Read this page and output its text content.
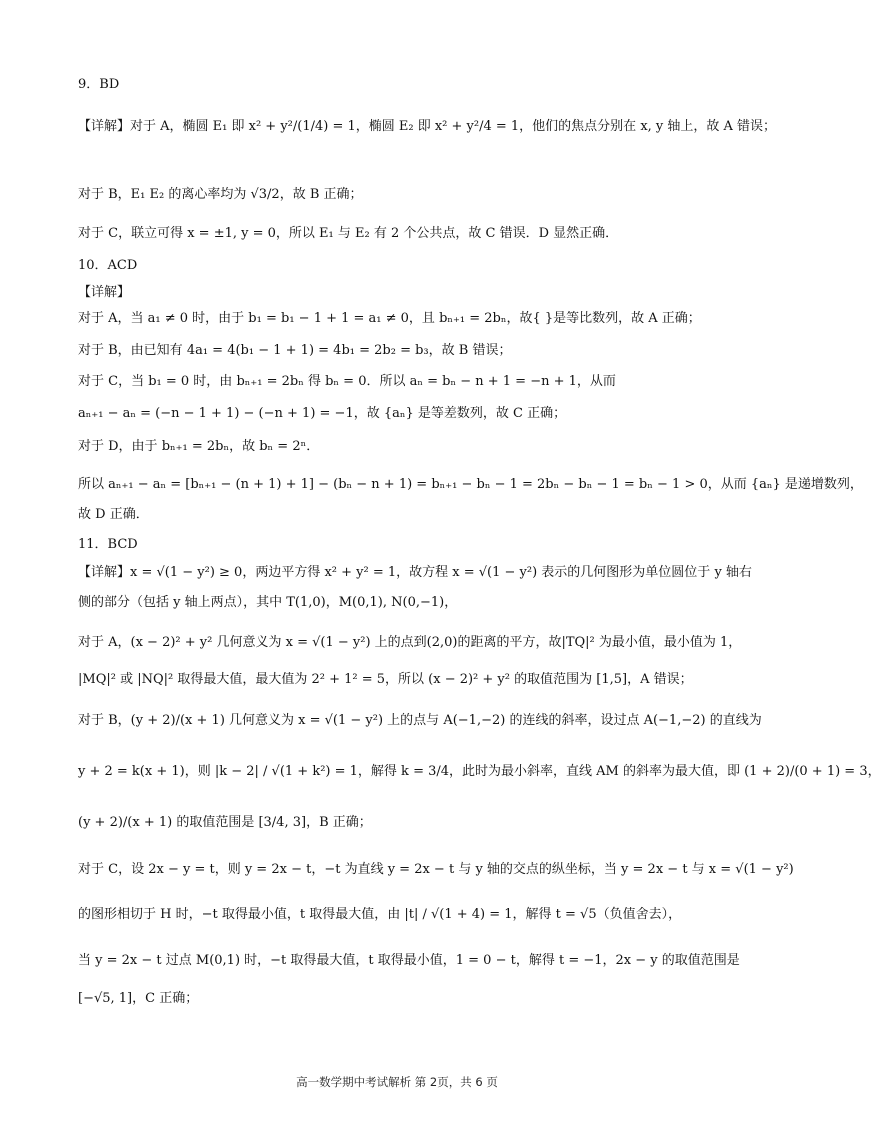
9．BD
【详解】对于 A，椭圆 E₁ 即 x² + y²/(1/4) = 1，椭圆 E₂ 即 x² + y²/4 = 1，他们的焦点分别在 x, y 轴上，故 A 错误；
对于 B，E₁ E₂ 的离心率均为 √3/2，故 B 正确；
对于 C，联立可得 x = ±1, y = 0，所以 E₁ 与 E₂ 有 2 个公共点，故 C 错误．D 显然正确．
10．ACD
【详解】
对于 A，当 a₁ ≠ 0 时，由于 b₁ = b₁ − 1 + 1 = a₁ ≠ 0，且 bₙ₊₁ = 2bₙ，故{ }是等比数列，故 A 正确；
对于 B，由已知有 4a₁ = 4(b₁ − 1 + 1) = 4b₁ = 2b₂ = b₃，故 B 错误；
对于 C，当 b₁ = 0 时，由 bₙ₊₁ = 2bₙ 得 bₙ = 0．所以 aₙ = bₙ − n + 1 = −n + 1，从而
aₙ₊₁ − aₙ = (−n − 1 + 1) − (−n + 1) = −1，故 {aₙ} 是等差数列，故 C 正确；
对于 D，由于 bₙ₊₁ = 2bₙ，故 bₙ = 2ⁿ．
所以 aₙ₊₁ − aₙ = [bₙ₊₁ − (n + 1) + 1] − (bₙ − n + 1) = bₙ₊₁ − bₙ − 1 = 2bₙ − bₙ − 1 = bₙ − 1 > 0，从而 {aₙ} 是递增数列，
故 D 正确．
11．BCD
【详解】x = √(1 − y²) ≥ 0，两边平方得 x² + y² = 1，故方程 x = √(1 − y²) 表示的几何图形为单位圆位于 y 轴右
侧的部分（包括 y 轴上两点），其中 T(1,0)，M(0,1), N(0,−1)，
对于 A，(x − 2)² + y² 几何意义为 x = √(1 − y²) 上的点到(2,0)的距离的平方，故|TQ|² 为最小值，最小值为 1，
|MQ|² 或 |NQ|² 取得最大值，最大值为 2² + 1² = 5，所以 (x − 2)² + y² 的取值范围为 [1,5]，A 错误；
对于 B，(y + 2)/(x + 1) 几何意义为 x = √(1 − y²) 上的点与 A(−1,−2) 的连线的斜率，设过点 A(−1,−2) 的直线为
y + 2 = k(x + 1)，则 |k − 2| / √(1 + k²) = 1，解得 k = 3/4，此时为最小斜率，直线 AM 的斜率为最大值，即 (1 + 2)/(0 + 1) = 3，
(y + 2)/(x + 1) 的取值范围是 [3/4, 3]，B 正确；
对于 C，设 2x − y = t，则 y = 2x − t，−t 为直线 y = 2x − t 与 y 轴的交点的纵坐标，当 y = 2x − t 与 x = √(1 − y²)
的图形相切于 H 时，−t 取得最小值，t 取得最大值，由 |t| / √(1 + 4) = 1，解得 t = √5（负值舍去），
当 y = 2x − t 过点 M(0,1) 时，−t 取得最大值，t 取得最小值，1 = 0 − t，解得 t = −1，2x − y 的取值范围是
[−√5, 1]，C 正确；
高一数学期中考试解析 第 2页，共 6 页
